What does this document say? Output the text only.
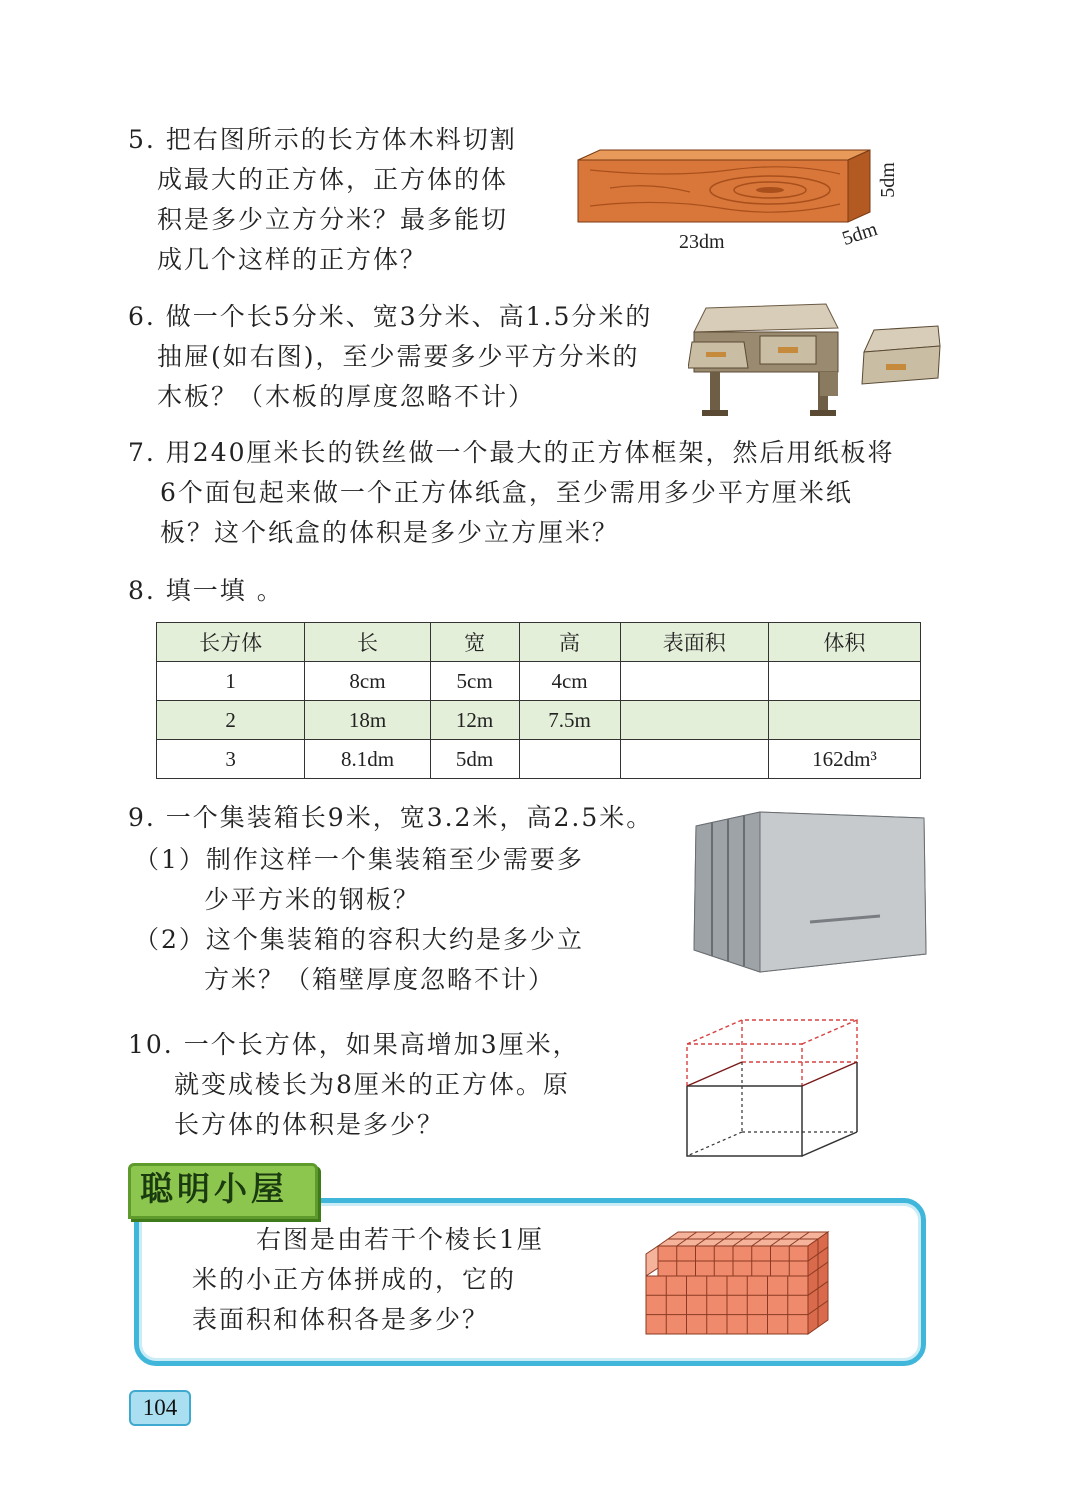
5. 把右图所示的长方体木料切割
成最大的正方体，正方体的体
积是多少立方分米？最多能切
成几个这样的正方体？
23dm	5dm
5dm
6. 做一个长5分米、宽3分米、高1.5分米的
抽屉(如右图)，至少需要多少平方分米的
木板？（木板的厚度忽略不计）
7. 用240厘米长的铁丝做一个最大的正方体框架，然后用纸板将
6个面包起来做一个正方体纸盒，至少需用多少平方厘米纸
板？这个纸盒的体积是多少立方厘米？
8. 填一填 。
长方体	长	宽	高	表面积	体积
1	8cm	5cm	4cm		
2	18m	12m	7.5m		
3	8.1dm	5dm			162dm³
9. 一个集装箱长9米，宽3.2米，高2.5米。
（1）制作这样一个集装箱至少需要多
少平方米的钢板？
（2）这个集装箱的容积大约是多少立
方米？（箱壁厚度忽略不计）
10. 一个长方体，如果高增加3厘米，
就变成棱长为8厘米的正方体。原
长方体的体积是多少？
聪明小屋
右图是由若干个棱长1厘
米的小正方体拼成的，它的
表面积和体积各是多少？
104
